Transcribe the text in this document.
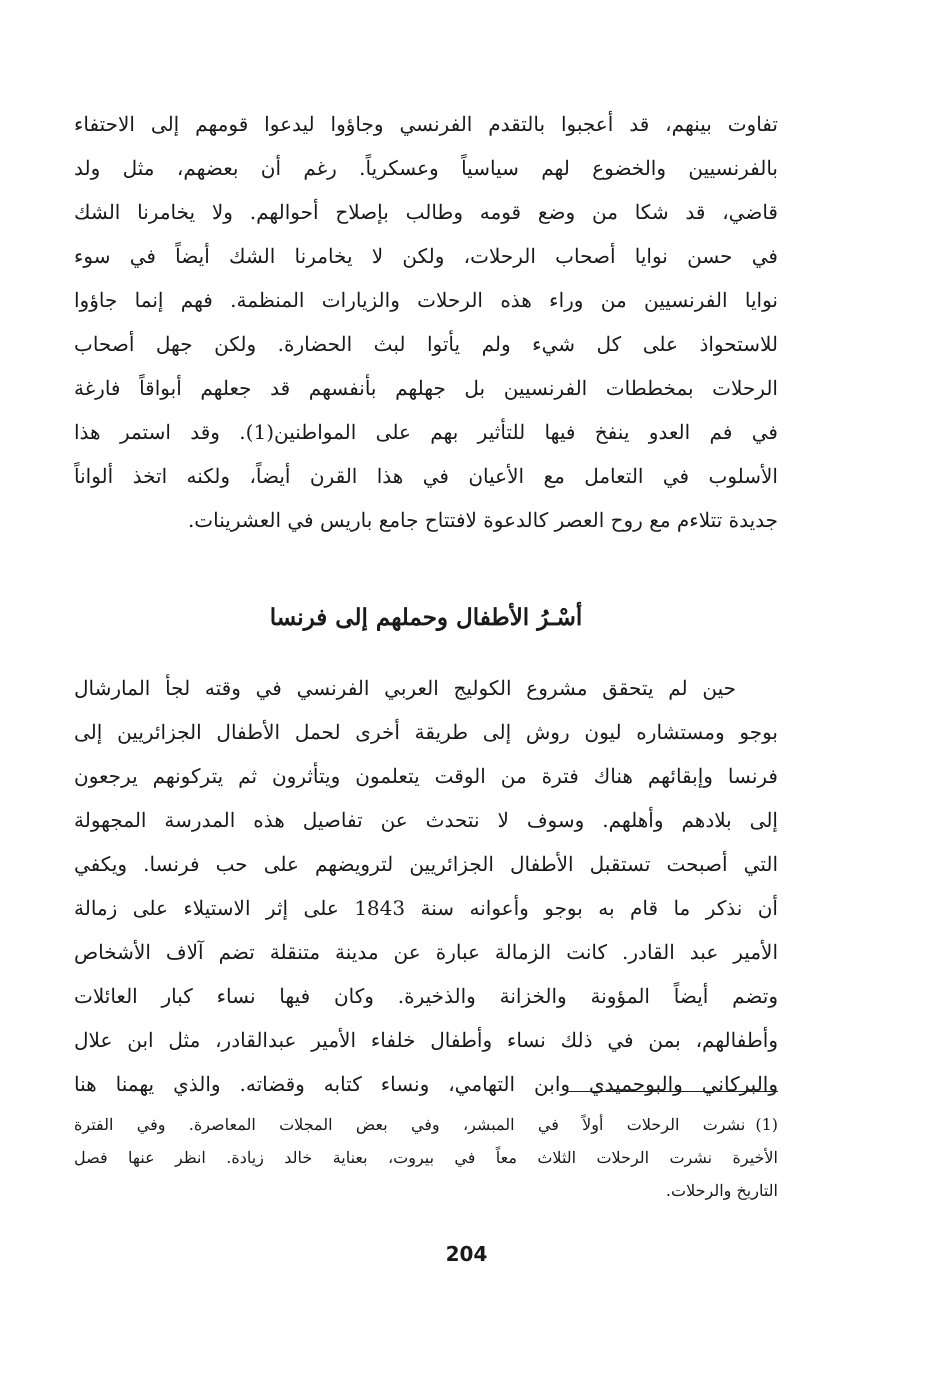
تفاوت بينهم، قد أعجبوا بالتقدم الفرنسي وجاؤوا ليدعوا قومهم إلى الاحتفاء
بالفرنسيين والخضوع لهم سياسياً وعسكرياً. رغم أن بعضهم، مثل ولد
قاضي، قد شكا من وضع قومه وطالب بإصلاح أحوالهم. ولا يخامرنا الشك
في حسن نوايا أصحاب الرحلات، ولكن لا يخامرنا الشك أيضاً في سوء
نوايا الفرنسيين من وراء هذه الرحلات والزيارات المنظمة. فهم إنما جاؤوا
للاستحواذ على كل شيء ولم يأتوا لبث الحضارة. ولكن جهل أصحاب
الرحلات بمخططات الفرنسيين بل جهلهم بأنفسهم قد جعلهم أبواقاً فارغة
في فم العدو ينفخ فيها للتأثير بهم على المواطنين(1). وقد استمر هذا
الأسلوب في التعامل مع الأعيان في هذا القرن أيضاً، ولكنه اتخذ ألواناً
جديدة تتلاءم مع روح العصر كالدعوة لافتتاح جامع باريس في العشرينات.
أسْـرُ الأطفال وحملهم إلى فرنسا
حين لم يتحقق مشروع الكوليج العربي الفرنسي في وقته لجأ المارشال
بوجو ومستشاره ليون روش إلى طريقة أخرى لحمل الأطفال الجزائريين إلى
فرنسا وإبقائهم هناك فترة من الوقت يتعلمون ويتأثرون ثم يتركونهم يرجعون
إلى بلادهم وأهلهم. وسوف لا نتحدث عن تفاصيل هذه المدرسة المجهولة
التي أصبحت تستقبل الأطفال الجزائريين لترويضهم على حب فرنسا. ويكفي
أن نذكر ما قام به بوجو وأعوانه سنة 1843 على إثر الاستيلاء على زمالة
الأمير عبد القادر. كانت الزمالة عبارة عن مدينة متنقلة تضم آلاف الأشخاص
وتضم أيضاً المؤونة والخزانة والذخيرة. وكان فيها نساء كبار العائلات
وأطفالهم، بمن في ذلك نساء وأطفال خلفاء الأمير عبدالقادر، مثل ابن علال
والبركاني والبوحميدي وابن التهامي، ونساء كتابه وقضاته. والذي يهمنا هنا
(1)نشرت الرحلات أولاً في المبشر، وفي بعض المجلات المعاصرة. وفي الفترة
الأخيرة نشرت الرحلات الثلاث معاً في بيروت، بعناية خالد زيادة. انظر عنها فصل
التاريخ والرحلات.
204
